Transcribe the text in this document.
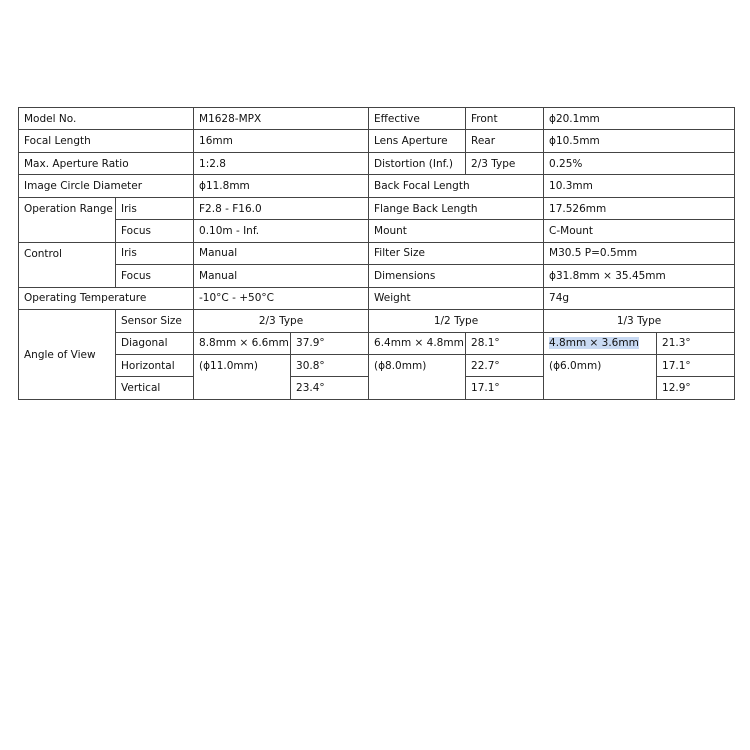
Model No.		M1628-MPX		Effective	Front	ϕ20.1mm	
Focal Length		16mm		Lens Aperture	Rear	ϕ10.5mm	
Max. Aperture Ratio		1:2.8		Distortion (Inf.)	2/3 Type	0.25%	
Image Circle Diameter		ϕ11.8mm		Back Focal Length		10.3mm	
Operation Range	Iris	F2.8 - F16.0		Flange Back Length		17.526mm	
	Focus	0.10m - Inf.		Mount		C-Mount	
Control	Iris	Manual		Filter Size		M30.5 P=0.5mm	
	Focus	Manual		Dimensions		ϕ31.8mm × 35.45mm	
Operating Temperature		-10°C - +50°C		Weight		74g	
Angle of View	Sensor Size	2/3 Type		1/2 Type		1/3 Type	
	Diagonal	8.8mm × 6.6mm	37.9°	6.4mm × 4.8mm	28.1°	4.8mm × 3.6mm	21.3°
	Horizontal	(ϕ11.0mm)	30.8°	(ϕ8.0mm)	22.7°	(ϕ6.0mm)	17.1°
	Vertical		23.4°		17.1°		12.9°
